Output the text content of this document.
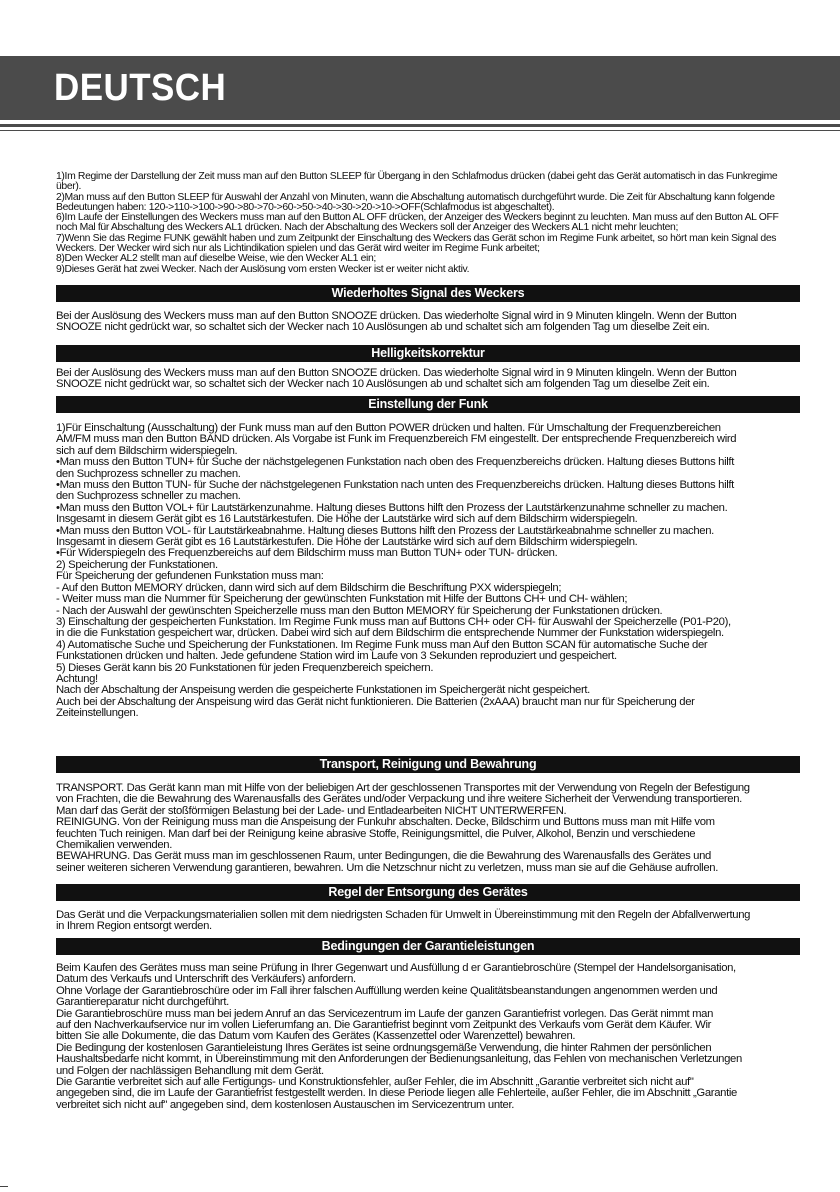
DEUTSCH
1)Im Regime der Darstellung der Zeit muss man auf den Button SLEEP für Übergang in den Schlafmodus drücken (dabei geht das Gerät automatisch in das Funkregime
über).
2)Man muss auf den Button SLEEP für Auswahl der Anzahl von Minuten, wann die Abschaltung automatisch durchgeführt wurde. Die Zeit für Abschaltung kann folgende
Bedeutungen haben: 120->110->100->90->80->70->60->50->40->30->20->10->OFF(Schlafmodus ist abgeschaltet).
6)Im Laufe der Einstellungen des Weckers muss man auf den Button AL OFF drücken, der Anzeiger des Weckers beginnt zu leuchten. Man muss auf den Button AL OFF
noch Mal für Abschaltung des Weckers AL1 drücken. Nach der Abschaltung des Weckers soll der Anzeiger des Weckers AL1 nicht mehr leuchten;
7)Wenn Sie das Regime FUNK gewählt haben und zum Zeitpunkt der Einschaltung des Weckers das Gerät schon im Regime Funk arbeitet, so hört man kein Signal des
Weckers. Der Wecker wird sich nur als Lichtindikation spielen und das Gerät wird weiter im Regime Funk arbeitet;
8)Den Wecker AL2 stellt man auf dieselbe Weise, wie den Wecker AL1 ein;
9)Dieses Gerät hat zwei Wecker. Nach der Auslösung vom ersten Wecker ist er weiter nicht aktiv.
Wiederholtes Signal des Weckers
Bei der Auslösung des Weckers muss man auf den Button SNOOZE drücken. Das wiederholte Signal wird in 9 Minuten klingeln. Wenn der Button
SNOOZE nicht gedrückt war, so schaltet sich der Wecker nach 10 Auslösungen ab und schaltet sich am folgenden Tag um dieselbe Zeit ein.
Helligkeitskorrektur
Bei der Auslösung des Weckers muss man auf den Button SNOOZE drücken. Das wiederholte Signal wird in 9 Minuten klingeln. Wenn der Button
SNOOZE nicht gedrückt war, so schaltet sich der Wecker nach 10 Auslösungen ab und schaltet sich am folgenden Tag um dieselbe Zeit ein.
Einstellung der Funk
1)Für Einschaltung (Ausschaltung) der Funk muss man auf den Button POWER drücken und halten. Für Umschaltung der Frequenzbereichen
AM/FM muss man den Button BAND drücken. Als Vorgabe ist Funk im Frequenzbereich FM eingestellt. Der entsprechende Frequenzbereich wird
sich auf dem Bildschirm widerspiegeln.
•Man muss den Button TUN+ für Suche der nächstgelegenen Funkstation nach oben des Frequenzbereichs drücken. Haltung dieses Buttons hilft
den Suchprozess schneller zu machen.
•Man muss den Button TUN- für Suche der nächstgelegenen Funkstation nach unten des Frequenzbereichs drücken. Haltung dieses Buttons hilft
den Suchprozess schneller zu machen.
•Man muss den Button VOL+ für Lautstärkenzunahme. Haltung dieses Buttons hilft den Prozess der Lautstärkenzunahme schneller zu machen.
Insgesamt in diesem Gerät gibt es 16 Lautstärkestufen. Die Höhe der Lautstärke wird sich auf dem Bildschirm widerspiegeln.
•Man muss den Button VOL- für Lautstärkeabnahme. Haltung dieses Buttons hilft den Prozess der Lautstärkeabnahme schneller zu machen.
Insgesamt in diesem Gerät gibt es 16 Lautstärkestufen. Die Höhe der Lautstärke wird sich auf dem Bildschirm widerspiegeln.
•Für Widerspiegeln des Frequenzbereichs auf dem Bildschirm muss man Button TUN+ oder TUN- drücken.
2) Speicherung der Funkstationen.
Für Speicherung der gefundenen Funkstation muss man:
- Auf den Button MEMORY drücken, dann wird sich auf dem Bildschirm die Beschriftung PXX widerspiegeln;
- Weiter muss man die Nummer für Speicherung der gewünschten Funkstation mit Hilfe der Buttons CH+ und CH- wählen;
- Nach der Auswahl der gewünschten Speicherzelle muss man den Button MEMORY für Speicherung der Funkstationen drücken.
3) Einschaltung der gespeicherten Funkstation. Im Regime Funk muss man auf Buttons CH+ oder CH- für Auswahl der Speicherzelle (P01-P20),
in die die Funkstation gespeichert war, drücken. Dabei wird sich auf dem Bildschirm die entsprechende Nummer der Funkstation widerspiegeln.
4) Automatische Suche und Speicherung der Funkstationen. Im Regime Funk muss man Auf den Button SCAN für automatische Suche der
Funkstationen drücken und halten. Jede gefundene Station wird im Laufe von 3 Sekunden reproduziert und gespeichert.
5) Dieses Gerät kann bis 20 Funkstationen für jeden Frequenzbereich speichern.
Achtung!
Nach der Abschaltung der Anspeisung werden die gespeicherte Funkstationen im Speichergerät nicht gespeichert.
Auch bei der Abschaltung der Anspeisung wird das Gerät nicht funktionieren. Die Batterien (2xAAA) braucht man nur für Speicherung der
Zeiteinstellungen.
Transport, Reinigung und Bewahrung
TRANSPORT. Das Gerät kann man mit Hilfe von der beliebigen Art der geschlossenen Transportes mit der Verwendung von Regeln der Befestigung
von Frachten, die die Bewahrung des Warenausfalls des Gerätes und/oder Verpackung und ihre weitere Sicherheit der Verwendung transportieren.
Man darf das Gerät der stoßförmigen Belastung bei der Lade- und Entladearbeiten NICHT UNTERWERFEN.
REINIGUNG. Von der Reinigung muss man die Anspeisung der Funkuhr abschalten. Decke, Bildschirm und Buttons muss man mit Hilfe vom
feuchten Tuch reinigen. Man darf bei der Reinigung keine abrasive Stoffe, Reinigungsmittel, die Pulver, Alkohol, Benzin und verschiedene
Chemikalien verwenden.
BEWAHRUNG. Das Gerät muss man im geschlossenen Raum, unter Bedingungen, die die Bewahrung des Warenausfalls des Gerätes und
seiner weiteren sicheren Verwendung garantieren, bewahren. Um die Netzschnur nicht zu verletzen, muss man sie auf die Gehäuse aufrollen.
Regel der Entsorgung des Gerätes
Das Gerät und die Verpackungsmaterialien sollen mit dem niedrigsten Schaden für Umwelt in Übereinstimmung mit den Regeln der Abfallverwertung
in Ihrem Region entsorgt werden.
Bedingungen der Garantieleistungen
Beim Kaufen des Gerätes muss man seine Prüfung in Ihrer Gegenwart und Ausfüllung d er Garantiebroschüre (Stempel der Handelsorganisation,
Datum des Verkaufs und Unterschrift des Verkäufers) anfordern.
Ohne Vorlage der Garantiebroschüre oder im Fall ihrer falschen Auffüllung werden keine Qualitätsbeanstandungen angenommen werden und
Garantiereparatur nicht durchgeführt.
Die Garantiebroschüre muss man bei jedem Anruf an das Servicezentrum im Laufe der ganzen Garantiefrist vorlegen. Das Gerät nimmt man
auf den Nachverkaufservice nur im vollen Lieferumfang an. Die Garantiefrist beginnt vom Zeitpunkt des Verkaufs vom Gerät dem Käufer. Wir
bitten Sie alle Dokumente, die das Datum vom Kaufen des Gerätes (Kassenzettel oder Warenzettel) bewahren.
Die Bedingung der kostenlosen Garantieleistung Ihres Gerätes ist seine ordnungsgemäße Verwendung, die hinter Rahmen der persönlichen
Haushaltsbedarfe nicht kommt, in Übereinstimmung mit den Anforderungen der Bedienungsanleitung, das Fehlen von mechanischen Verletzungen
und Folgen der nachlässigen Behandlung mit dem Gerät.
Die Garantie verbreitet sich auf alle Fertigungs- und Konstruktionsfehler, außer Fehler, die im Abschnitt „Garantie verbreitet sich nicht auf"
angegeben sind, die im Laufe der Garantiefrist festgestellt werden. In diese Periode liegen alle Fehlerteile, außer Fehler, die im Abschnitt „Garantie
verbreitet sich nicht auf" angegeben sind, dem kostenlosen Austauschen im Servicezentrum unter.
